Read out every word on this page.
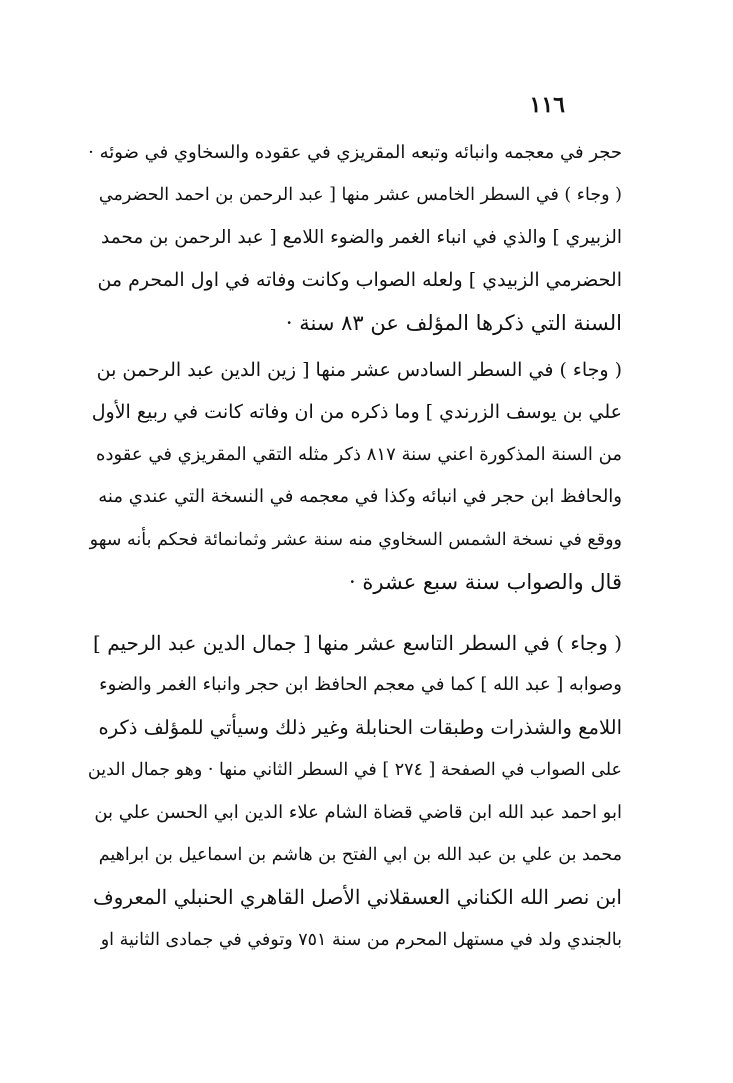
١١٦
حجر في معجمه وانبائه وتبعه المقريزي في عقوده والسخاوي في ضوئه ·
( وجاء ) في السطر الخامس عشر منها [ عبد الرحمن بن احمد الحضرمي
الزبيري ] والذي في انباء الغمر والضوء اللامع [ عبد الرحمن بن محمد
الحضرمي الزبيدي ] ولعله الصواب وكانت وفاته في اول المحرم من
السنة التي ذكرها المؤلف عن ٨٣ سنة ·
( وجاء ) في السطر السادس عشر منها [ زين الدين عبد الرحمن بن
علي بن يوسف الزرندي ] وما ذكره من ان وفاته كانت في ربيع الأول
من السنة المذكورة اعني سنة ٨١٧ ذكر مثله التقي المقريزي في عقوده
والحافظ ابن حجر في انبائه وكذا في معجمه في النسخة التي عندي منه
ووقع في نسخة الشمس السخاوي منه سنة عشر وثمانمائة فحكم بأنه سهو
قال والصواب سنة سبع عشرة ·
( وجاء ) في السطر التاسع عشر منها [ جمال الدين عبد الرحيم ]
وصوابه [ عبد الله ] كما في معجم الحافظ ابن حجر وانباء الغمر والضوء
اللامع والشذرات وطبقات الحنابلة وغير ذلك وسيأتي للمؤلف ذكره
على الصواب في الصفحة [ ٢٧٤ ] في السطر الثاني منها · وهو جمال الدين
ابو احمد عبد الله ابن قاضي قضاة الشام علاء الدين ابي الحسن علي بن
محمد بن علي بن عبد الله بن ابي الفتح بن هاشم بن اسماعيل بن ابراهيم
ابن نصر الله الكناني العسقلاني الأصل القاهري الحنبلي المعروف
بالجندي ولد في مستهل المحرم من سنة ٧٥١ وتوفي في جمادى الثانية او
